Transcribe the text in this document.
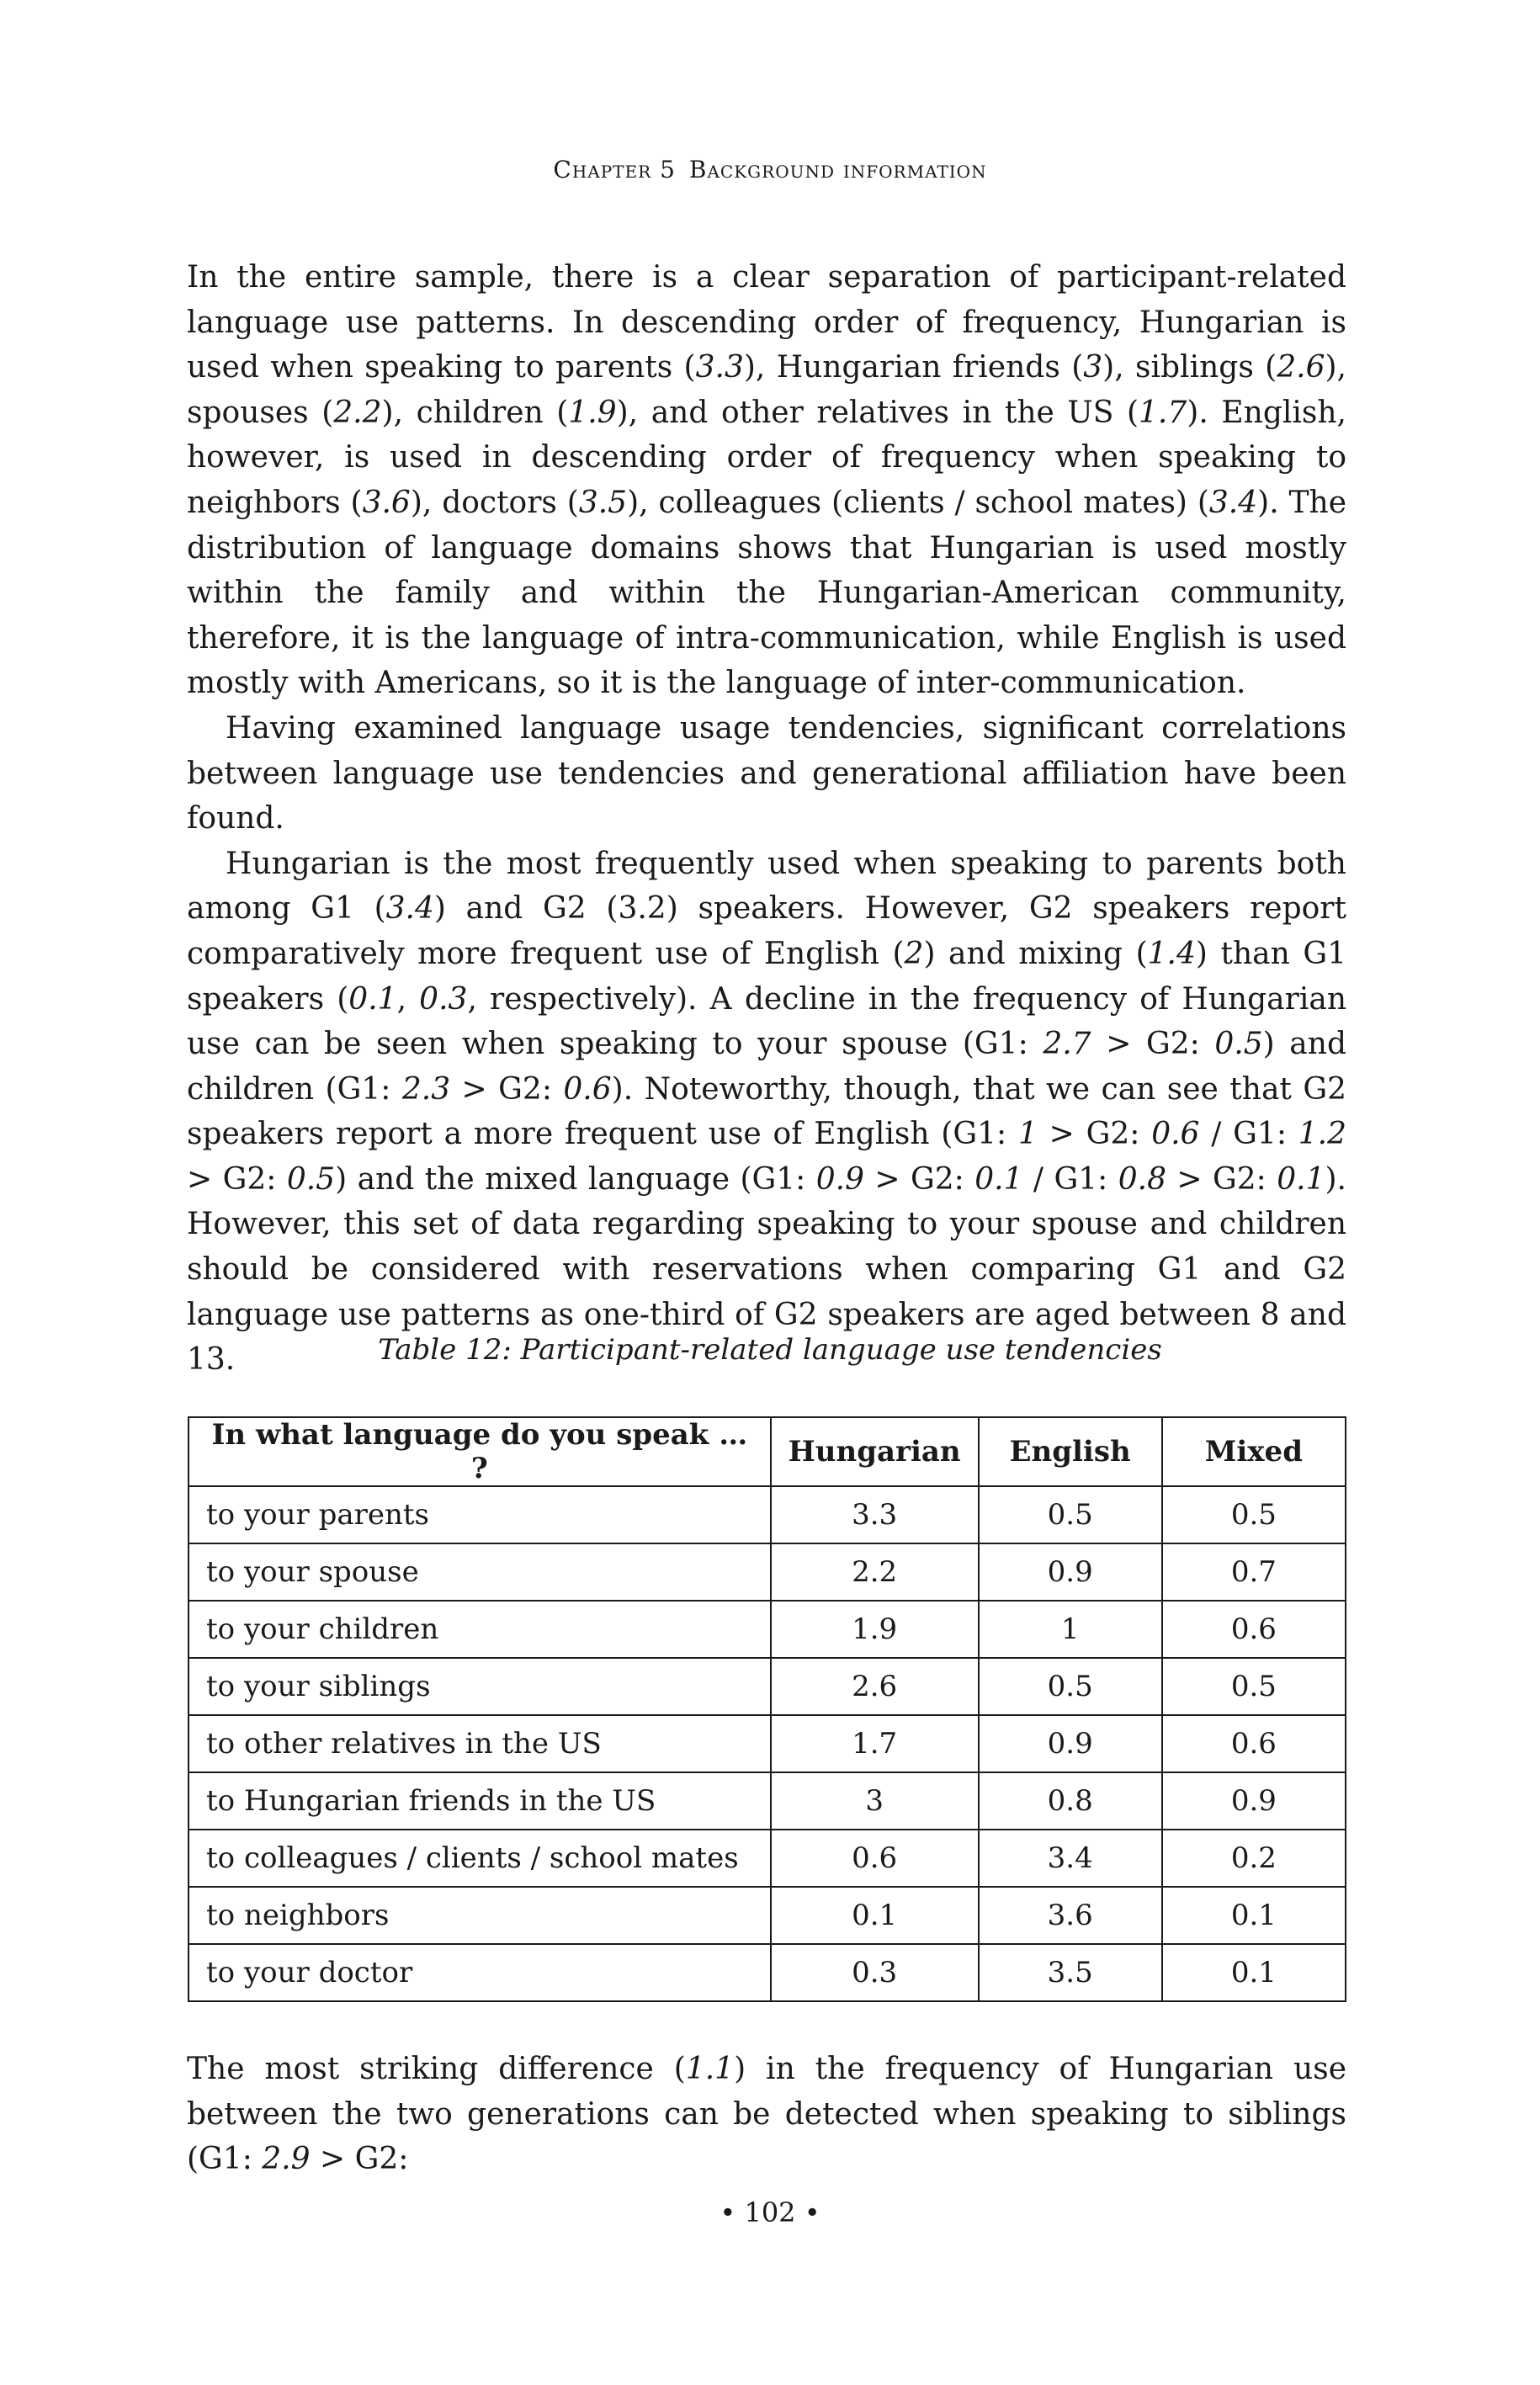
Chapter 5 Background information

In the entire sample, there is a clear separation of participant-related language use patterns. In descending order of frequency, Hungarian is used when speaking to parents (3.3), Hungarian friends (3), siblings (2.6), spouses (2.2), children (1.9), and other relatives in the US (1.7). English, however, is used in descending order of frequency when speaking to neighbors (3.6), doctors (3.5), colleagues (clients / school mates) (3.4). The distribution of language domains shows that Hungarian is used mostly within the family and within the Hungarian-American community, therefore, it is the language of intra-communication, while English is used mostly with Americans, so it is the language of inter-communication.

Having examined language usage tendencies, significant correlations between language use tendencies and generational affiliation have been found.

Hungarian is the most frequently used when speaking to parents both among G1 (3.4) and G2 (3.2) speakers. However, G2 speakers report comparatively more frequent use of English (2) and mixing (1.4) than G1 speakers (0.1, 0.3, respectively). A decline in the frequency of Hungarian use can be seen when speaking to your spouse (G1: 2.7 > G2: 0.5) and children (G1: 2.3 > G2: 0.6). Noteworthy, though, that we can see that G2 speakers report a more frequent use of English (G1: 1 > G2: 0.6 / G1: 1.2 > G2: 0.5) and the mixed language (G1: 0.9 > G2: 0.1 / G1: 0.8 > G2: 0.1). However, this set of data regarding speaking to your spouse and children should be considered with reservations when comparing G1 and G2 language use patterns as one-third of G2 speakers are aged between 8 and 13.	Table 12: Participant-related language use tendencies
In what language do you speak … ?	Hungarian	English	Mixed
to your parents	3.3	0.5	0.5
to your spouse	2.2	0.9	0.7
to your children	1.9	1	0.6
to your siblings	2.6	0.5	0.5
to other relatives in the US	1.7	0.9	0.6
to Hungarian friends in the US	3	0.8	0.9
to colleagues / clients / school mates	0.6	3.4	0.2
to neighbors	0.1	3.6	0.1
to your doctor	0.3	3.5	0.1

The most striking difference (1.1) in the frequency of Hungarian use between the two generations can be detected when speaking to siblings (G1: 2.9 > G2:

• 102 •
